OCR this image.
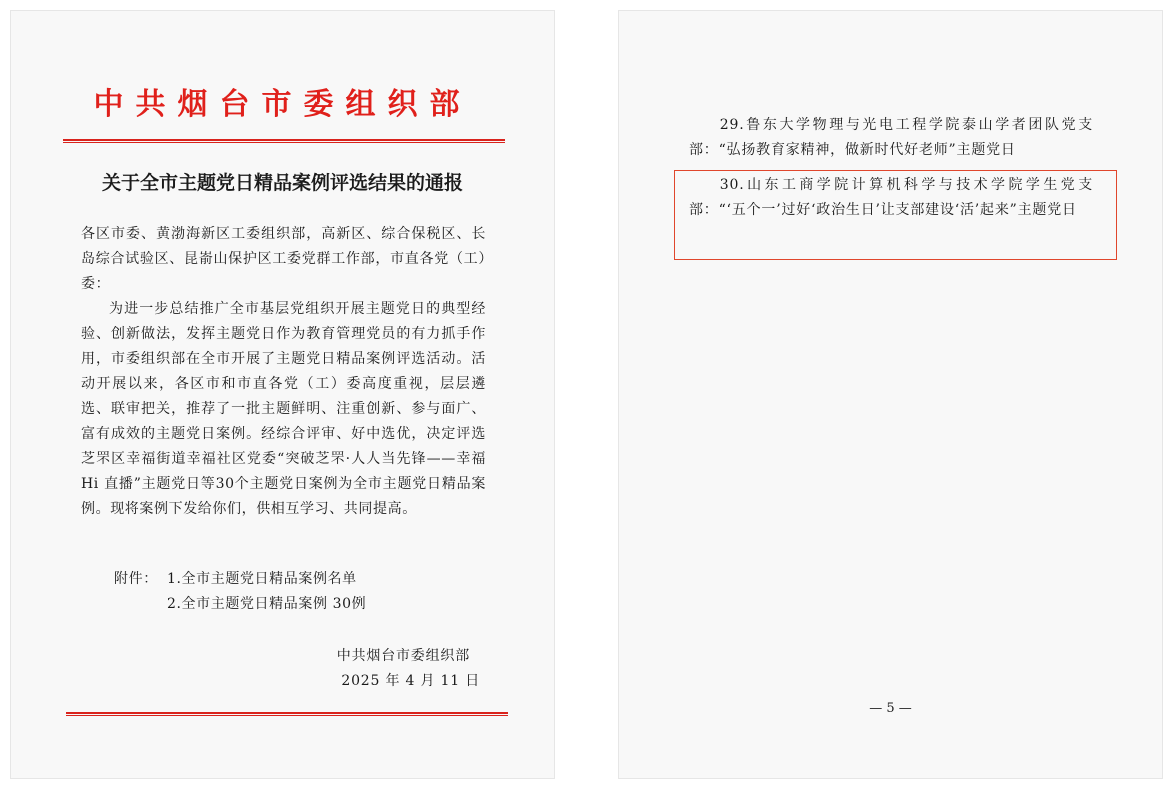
中共烟台市委组织部
关于全市主题党日精品案例评选结果的通报
各区市委、黄渤海新区工委组织部，高新区、综合保税区、长岛综合试验区、昆嵛山保护区工委党群工作部，市直各党（工）委：
为进一步总结推广全市基层党组织开展主题党日的典型经验、创新做法，发挥主题党日作为教育管理党员的有力抓手作用，市委组织部在全市开展了主题党日精品案例评选活动。活动开展以来，各区市和市直各党（工）委高度重视，层层遴选、联审把关，推荐了一批主题鲜明、注重创新、参与面广、富有成效的主题党日案例。经综合评审、好中选优，决定评选芝罘区幸福街道幸福社区党委“突破芝罘·人人当先锋——幸福 Hi 直播”主题党日等30个主题党日案例为全市主题党日精品案例。现将案例下发给你们，供相互学习、共同提高。
附件： 1.全市主题党日精品案例名单
2.全市主题党日精品案例 30例
中共烟台市委组织部
2025 年 4 月 11 日
29.鲁东大学物理与光电工程学院泰山学者团队党支部：“弘扬教育家精神，做新时代好老师”主题党日
30.山东工商学院计算机科学与技术学院学生党支部：“‘五个一’过好‘政治生日’让支部建设‘活’起来”主题党日
— 5 —
